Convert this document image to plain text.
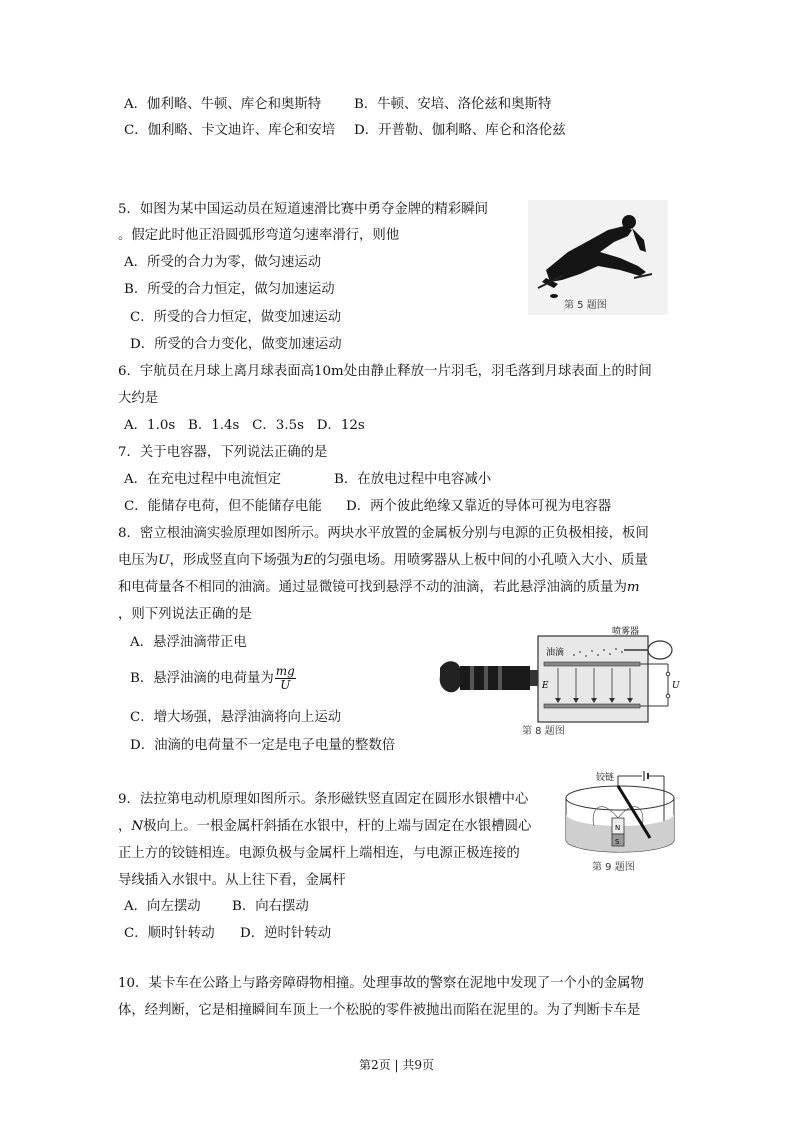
A．伽利略、牛顿、库仑和奥斯特 B．牛顿、安培、洛伦兹和奥斯特
C．伽利略、卡文迪许、库仑和安培 D．开普勒、伽利略、库仑和洛伦兹
5．如图为某中国运动员在短道速滑比赛中勇夺金牌的精彩瞬间
。假定此时他正沿圆弧形弯道匀速率滑行，则他
A．所受的合力为零，做匀速运动
B．所受的合力恒定，做匀加速运动
C．所受的合力恒定，做变加速运动
D．所受的合力变化，做变加速运动
第 5 题图
6．宇航员在月球上离月球表面高10m处由静止释放一片羽毛，羽毛落到月球表面上的时间
大约是
A．1.0s   B．1.4s   C．3.5s   D．12s
7．关于电容器，下列说法正确的是
A．在充电过程中电流恒定	B．在放电过程中电容减小
C．能储存电荷，但不能储存电能 D．两个彼此绝缘又靠近的导体可视为电容器
8．密立根油滴实验原理如图所示。两块水平放置的金属板分别与电源的正负极相接，板间
电压为U，形成竖直向下场强为E的匀强电场。用喷雾器从上板中间的小孔喷入大小、质量
和电荷量各不相同的油滴。通过显微镜可找到悬浮不动的油滴，若此悬浮油滴的质量为m
，则下列说法正确的是
A．悬浮油滴带正电
B．悬浮油滴的电荷量为 $\frac{mg}{U}$
C．增大场强，悬浮油滴将向上运动
D．油滴的电荷量不一定是电子电量的整数倍
油滴
喷雾器
E	U
第 8 题图
9．法拉第电动机原理如图所示。条形磁铁竖直固定在圆形水银槽中心
，N极向上。一根金属杆斜插在水银中，杆的上端与固定在水银槽圆心
正上方的铰链相连。电源负极与金属杆上端相连，与电源正极连接的
导线插入水银中。从上往下看，金属杆
A．向左摆动 B．向右摆动
C．顺时针转动 D．逆时针转动
铰链
N
S
第 9 题图
10．某卡车在公路上与路旁障碍物相撞。处理事故的警察在泥地中发现了一个小的金属物
体，经判断，它是相撞瞬间车顶上一个松脱的零件被抛出而陷在泥里的。为了判断卡车是
第2页 | 共9页
